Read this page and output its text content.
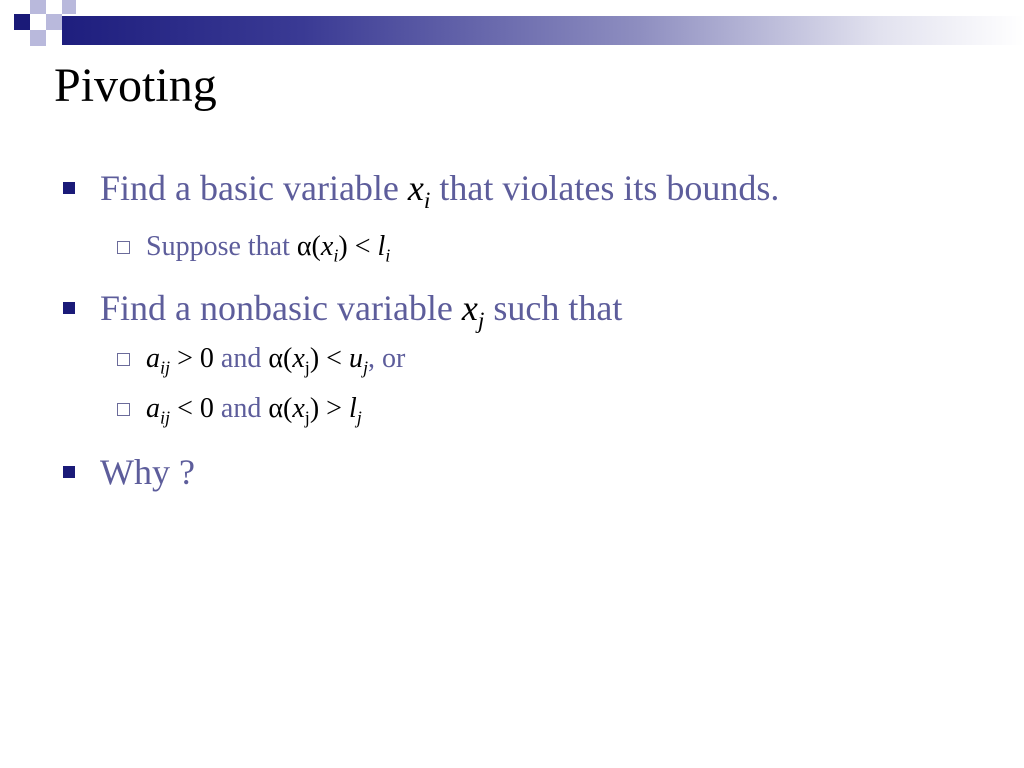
Pivoting
Find a basic variable $x_i$ that violates its bounds.
Suppose that $\alpha(x_i) < l_i$
Find a nonbasic variable $x_j$ such that
$a_{ij} > 0$ and $\alpha(x_j) < u_j$, or
$a_{ij} < 0$ and $\alpha(x_j) > l_j$
Why ?
